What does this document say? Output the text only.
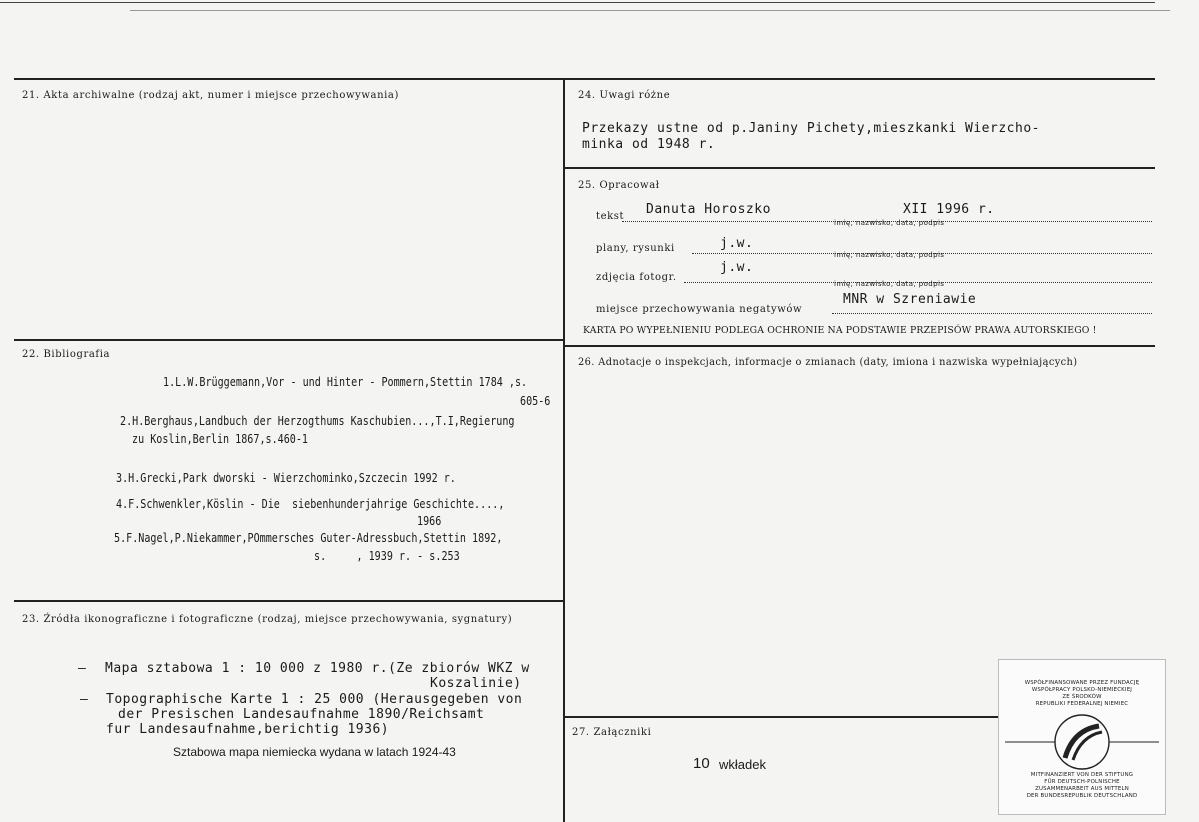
21. Akta archiwalne (rodzaj akt, numer i miejsce przechowywania)
22. Bibliografia
1.L.W.Brüggemann,Vor - und Hinter - Pommern,Stettin 1784 ,s.
605-6
2.H.Berghaus,Landbuch der Herzogthums Kaschubien...,T.I,Regierung
zu Koslin,Berlin 1867,s.460-1
3.H.Grecki,Park dworski - Wierzchominko,Szczecin 1992 r.
4.F.Schwenkler,Köslin - Die  siebenhunderjahrige Geschichte....,
1966
5.F.Nagel,P.Niekammer,POmmersches Guter-Adressbuch,Stettin 1892,
s.     , 1939 r. - s.253
23. Źródła ikonograficzne i fotograficzne (rodzaj, miejsce przechowywania, sygnatury)
– Mapa sztabowa 1 : 10 000 z 1980 r.(Ze zbiorów WKZ w
Koszalinie)
– Topographische Karte 1 : 25 000 (Herausgegeben von
der Presischen Landesaufnahme 1890/Reichsamt
fur Landesaufnahme,berichtig 1936)
Sztabowa mapa niemiecka wydana w latach 1924-43
24. Uwagi różne
Przekazy ustne od p.Janiny Pichety,mieszkanki Wierzcho-
minka od 1948 r.
25. Opracował
tekst Danuta Horoszko	XII 1996 r.
imię, nazwisko, data, podpis
plany, rysunki	j.w.
imię, nazwisko, data, podpis
zdjęcia fotogr.
j.w.
imię, nazwisko, data, podpis
miejsce przechowywania negatywów
MNR w Szreniawie
KARTA PO WYPEŁNIENIU PODLEGA OCHRONIE NA PODSTAWIE PRZEPISÓW PRAWA AUTORSKIEGO !
26. Adnotacje o inspekcjach, informacje o zmianach (daty, imiona i nazwiska wypełniających)
27. Załączniki
10 wkładek
WSPÓŁFINANSOWANE PRZEZ FUNDACJĘ
WSPÓŁPRACY POLSKO-NIEMIECKIEJ
ZE ŚRODKÓW
REPUBLIKI FEDERALNEJ NIEMIEC
MITFINANZIERT VON DER STIFTUNG
FÜR DEUTSCH-POLNISCHE
ZUSAMMENARBEIT AUS MITTELN
DER BUNDESREPUBLIK DEUTSCHLAND
